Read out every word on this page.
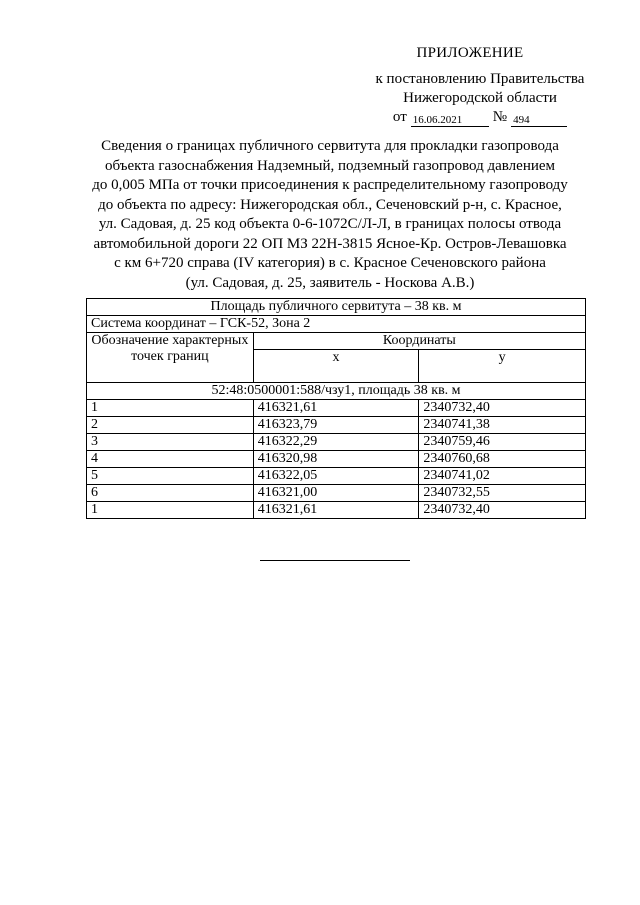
ПРИЛОЖЕНИЕ
к постановлению Правительства
Нижегородской области
от 16.06.2021	№ 494
Сведения о границах публичного сервитута для прокладки газопровода
объекта газоснабжения Надземный, подземный газопровод давлением
до 0,005 МПа от точки присоединения к распределительному газопроводу
до объекта по адресу: Нижегородская обл., Сеченовский р-н, с. Красное,
ул. Садовая, д. 25 код объекта 0-6-1072С/Л-Л, в границах полосы отвода
автомобильной дороги 22 ОП МЗ 22Н-3815 Ясное-Кр. Остров-Левашовка
с км 6+720 справа (IV категория) в с. Красное Сеченовского района
(ул. Садовая, д. 25, заявитель - Носкова А.В.)
Площадь публичного сервитута – 38 кв. м		
Система координат – ГСК-52, Зона 2		
Обозначение характерных точек границ	Координаты	
	x	y
52:48:0500001:588/чзу1, площадь 38 кв. м		
1	416321,61	2340732,40
2	416323,79	2340741,38
3	416322,29	2340759,46
4	416320,98	2340760,68
5	416322,05	2340741,02
6	416321,00	2340732,55
1	416321,61	2340732,40
